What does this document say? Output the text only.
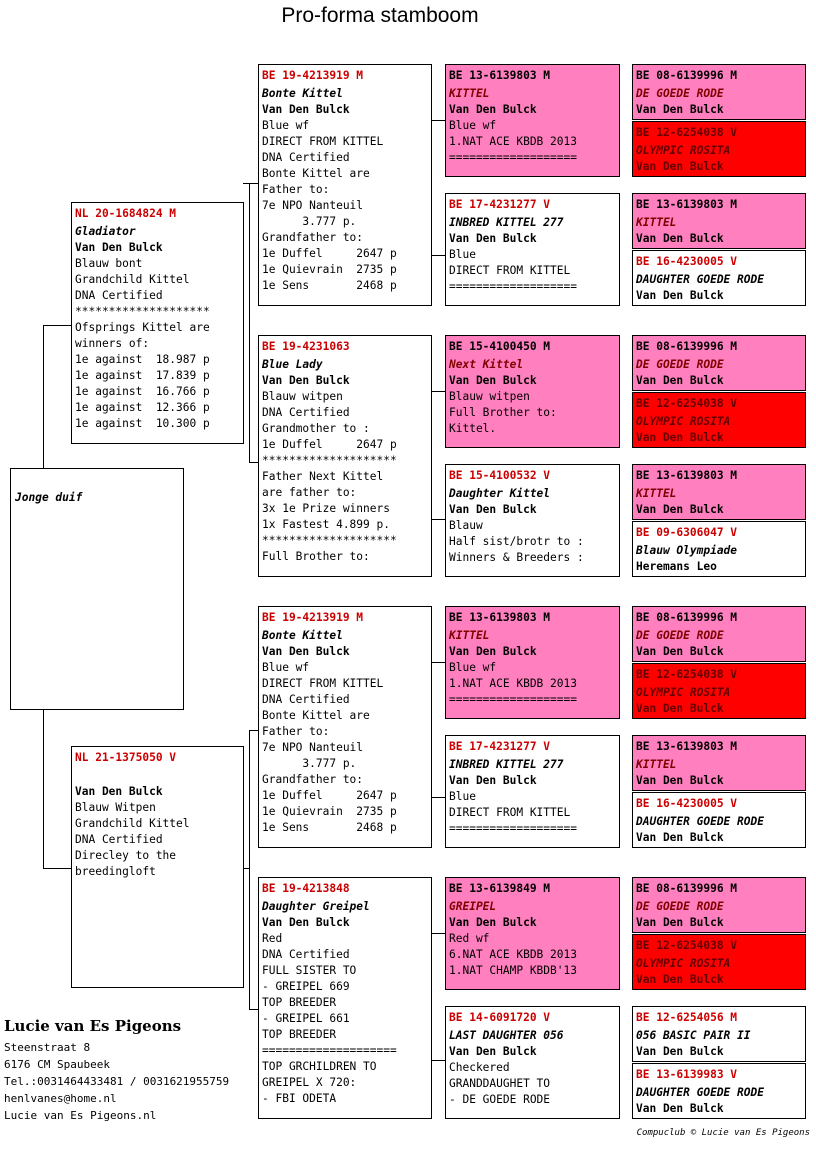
Pro-forma stamboom
Jonge duif
NL 20-1684824 M
Gladiator
Van Den Bulck
Blauw bont
Grandchild Kittel
DNA Certified
********************
Ofsprings Kittel are
winners of:
1e against  18.987 p
1e against  17.839 p
1e against  16.766 p
1e against  12.366 p
1e against  10.300 p
NL 21-1375050 V
Van Den Bulck
Blauw Witpen
Grandchild Kittel
DNA Certified
Direcley to the
breedingloft
BE 19-4213919 M
Bonte Kittel
Van Den Bulck
Blue wf
DIRECT FROM KITTEL
DNA Certified
Bonte Kittel are
Father to:
7e NPO Nanteuil
3.777 p.
Grandfather to:
1e Duffel     2647 p
1e Quievrain  2735 p
1e Sens       2468 p
BE 19-4231063
Blue Lady
Van Den Bulck
Blauw witpen
DNA Certified
Grandmother to :
1e Duffel     2647 p
********************
Father Next Kittel
are father to:
3x 1e Prize winners
1x Fastest 4.899 p.
********************
Full Brother to:
BE 19-4213919 M
Bonte Kittel
Van Den Bulck
Blue wf
DIRECT FROM KITTEL
DNA Certified
Bonte Kittel are
Father to:
7e NPO Nanteuil
3.777 p.
Grandfather to:
1e Duffel     2647 p
1e Quievrain  2735 p
1e Sens       2468 p
BE 19-4213848
Daughter Greipel
Van Den Bulck
Red
DNA Certified
FULL SISTER TO
- GREIPEL 669
TOP BREEDER
- GREIPEL 661
TOP BREEDER
====================
TOP GRCHILDREN TO
GREIPEL X 720:
- FBI ODETA
BE 13-6139803 M
KITTEL
Van Den Bulck
Blue wf
1.NAT ACE KBDB 2013
===================
BE 17-4231277 V
INBRED KITTEL 277
Van Den Bulck
Blue
DIRECT FROM KITTEL
===================
BE 15-4100450 M
Next Kittel
Van Den Bulck
Blauw witpen
Full Brother to:
Kittel.
BE 15-4100532 V
Daughter Kittel
Van Den Bulck
Blauw
Half sist/brotr to :
Winners & Breeders :
BE 13-6139803 M
KITTEL
Van Den Bulck
Blue wf
1.NAT ACE KBDB 2013
===================
BE 17-4231277 V
INBRED KITTEL 277
Van Den Bulck
Blue
DIRECT FROM KITTEL
===================
BE 13-6139849 M
GREIPEL
Van Den Bulck
Red wf
6.NAT ACE KBDB 2013
1.NAT CHAMP KBDB'13
BE 14-6091720 V
LAST DAUGHTER 056
Van Den Bulck
Checkered
GRANDDAUGHET TO
- DE GOEDE RODE
BE 08-6139996 M
DE GOEDE RODE
Van Den Bulck
BE 12-6254038 V
OLYMPIC ROSITA
Van Den Bulck
BE 13-6139803 M
KITTEL
Van Den Bulck
BE 16-4230005 V
DAUGHTER GOEDE RODE
Van Den Bulck
BE 08-6139996 M
DE GOEDE RODE
Van Den Bulck
BE 12-6254038 V
OLYMPIC ROSITA
Van Den Bulck
BE 13-6139803 M
KITTEL
Van Den Bulck
BE 09-6306047 V
Blauw Olympiade
Heremans Leo
BE 08-6139996 M
DE GOEDE RODE
Van Den Bulck
BE 12-6254038 V
OLYMPIC ROSITA
Van Den Bulck
BE 13-6139803 M
KITTEL
Van Den Bulck
BE 16-4230005 V
DAUGHTER GOEDE RODE
Van Den Bulck
BE 08-6139996 M
DE GOEDE RODE
Van Den Bulck
BE 12-6254038 V
OLYMPIC ROSITA
Van Den Bulck
BE 12-6254056 M
056 BASIC PAIR II
Van Den Bulck
BE 13-6139983 V
DAUGHTER GOEDE RODE
Van Den Bulck
Lucie van Es Pigeons
Steenstraat 8
6176 CM Spaubeek
Tel.:0031464433481 / 0031621955759
henlvanes@home.nl
Lucie van Es Pigeons.nl
Compuclub © Lucie van Es Pigeons
